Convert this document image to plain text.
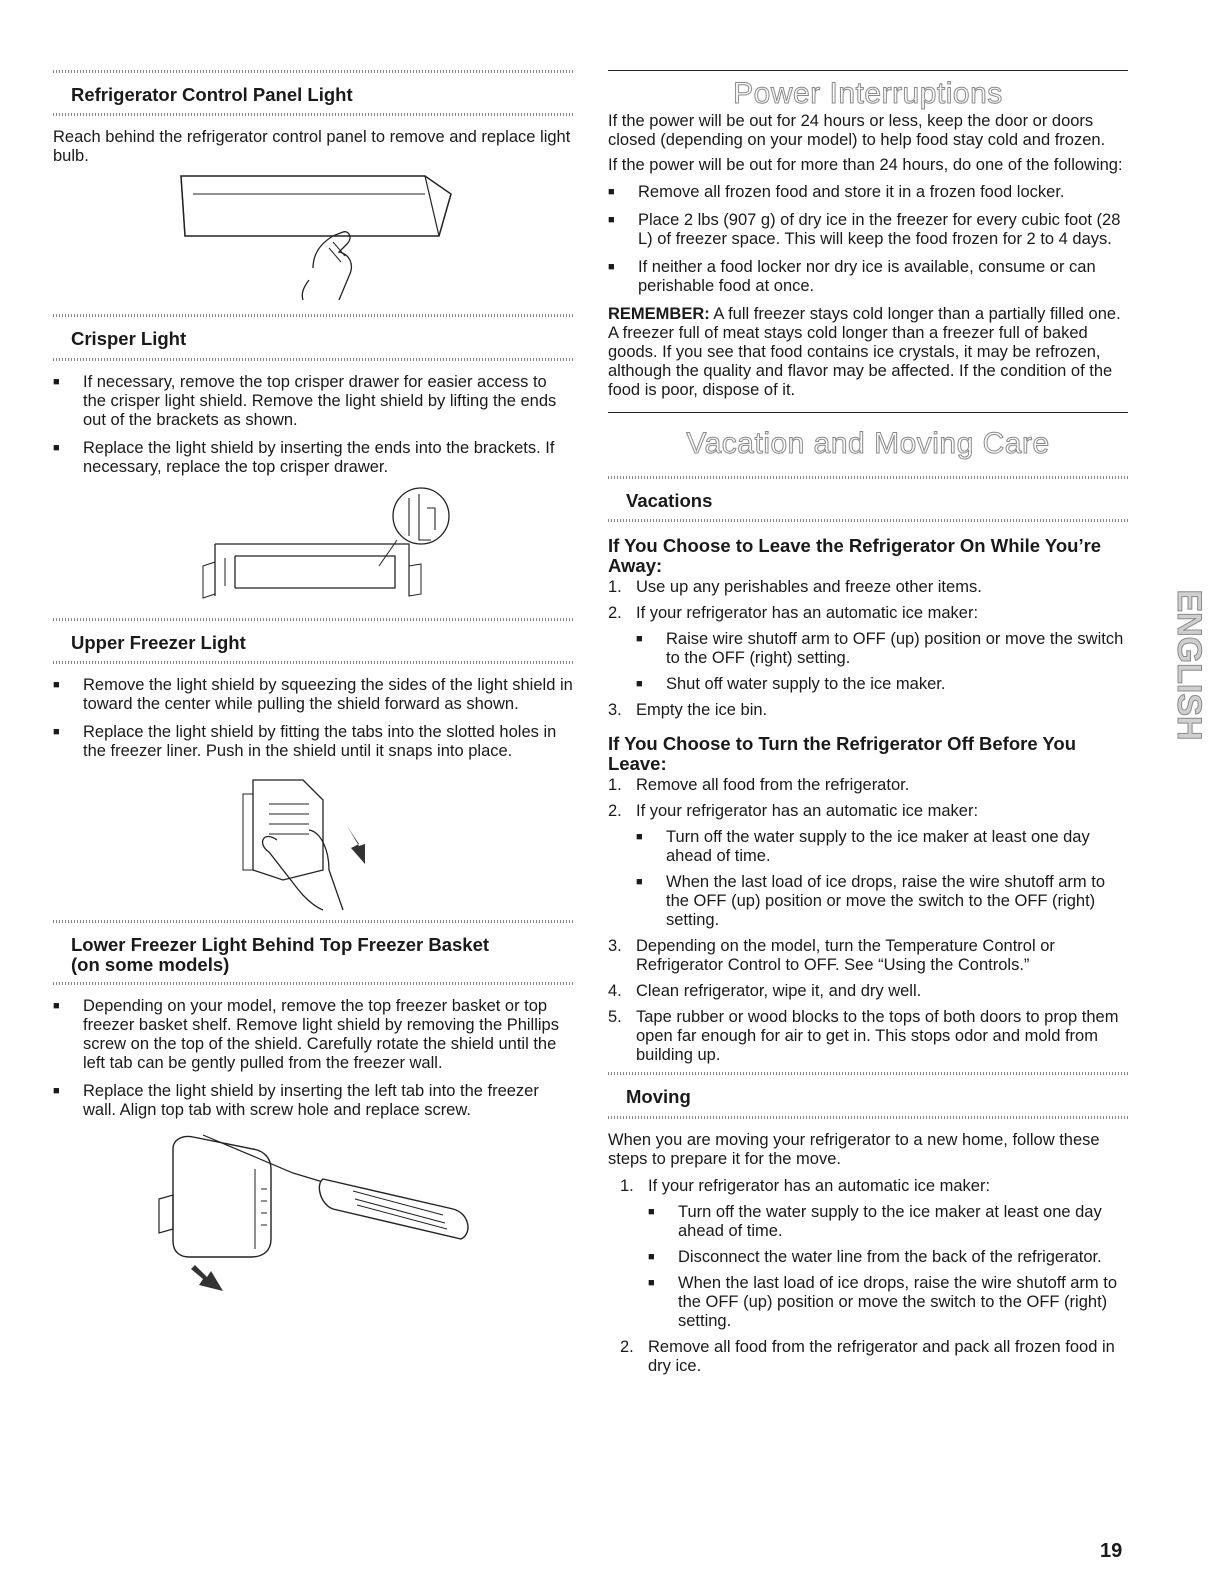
Refrigerator Control Panel Light

Reach behind the refrigerator control panel to remove and replace light bulb.

Crisper Light
■ If necessary, remove the top crisper drawer for easier access to the crisper light shield. Remove the light shield by lifting the ends out of the brackets as shown.
■ Replace the light shield by inserting the ends into the brackets. If necessary, replace the top crisper drawer.
Upper Freezer Light
■ Remove the light shield by squeezing the sides of the light shield in toward the center while pulling the shield forward as shown.
■ Replace the light shield by fitting the tabs into the slotted holes in the freezer liner. Push in the shield until it snaps into place.
Lower Freezer Light Behind Top Freezer Basket
(on some models)
■ Depending on your model, remove the top freezer basket or top freezer basket shelf. Remove light shield by removing the Phillips screw on the top of the shield. Carefully rotate the shield until the left tab can be gently pulled from the freezer wall.
■ Replace the light shield by inserting the left tab into the freezer wall. Align top tab with screw hole and replace screw.
Power Interruptions

If the power will be out for 24 hours or less, keep the door or doors closed (depending on your model) to help food stay cold and frozen.

If the power will be out for more than 24 hours, do one of the following:

■ Remove all frozen food and store it in a frozen food locker.
■ Place 2 lbs (907 g) of dry ice in the freezer for every cubic foot (28 L) of freezer space. This will keep the food frozen for 2 to 4 days.
■ If neither a food locker nor dry ice is available, consume or can perishable food at once.

REMEMBER: A full freezer stays cold longer than a partially filled one. A freezer full of meat stays cold longer than a freezer full of baked goods. If you see that food contains ice crystals, it may be refrozen, although the quality and flavor may be affected. If the condition of the food is poor, dispose of it.

Vacation and Moving Care
Vacations
If You Choose to Leave the Refrigerator On While You’re Away:
1. Use up any perishables and freeze other items.
2. If your refrigerator has an automatic ice maker:
■ Raise wire shutoff arm to OFF (up) position or move the switch to the OFF (right) setting.
■ Shut off water supply to the ice maker.
3. Empty the ice bin.
If You Choose to Turn the Refrigerator Off Before You Leave:
1. Remove all food from the refrigerator.
2. If your refrigerator has an automatic ice maker:
■ Turn off the water supply to the ice maker at least one day ahead of time.
■ When the last load of ice drops, raise the wire shutoff arm to the OFF (up) position or move the switch to the OFF (right) setting.
3. Depending on the model, turn the Temperature Control or Refrigerator Control to OFF. See “Using the Controls.”
4. Clean refrigerator, wipe it, and dry well.
5. Tape rubber or wood blocks to the tops of both doors to prop them open far enough for air to get in. This stops odor and mold from building up.
Moving

When you are moving your refrigerator to a new home, follow these steps to prepare it for the move.

1. If your refrigerator has an automatic ice maker:
■ Turn off the water supply to the ice maker at least one day ahead of time.
■ Disconnect the water line from the back of the refrigerator.
■ When the last load of ice drops, raise the wire shutoff arm to the OFF (up) position or move the switch to the OFF (right) setting.
2. Remove all food from the refrigerator and pack all frozen food in dry ice.
ENGLISH
19
